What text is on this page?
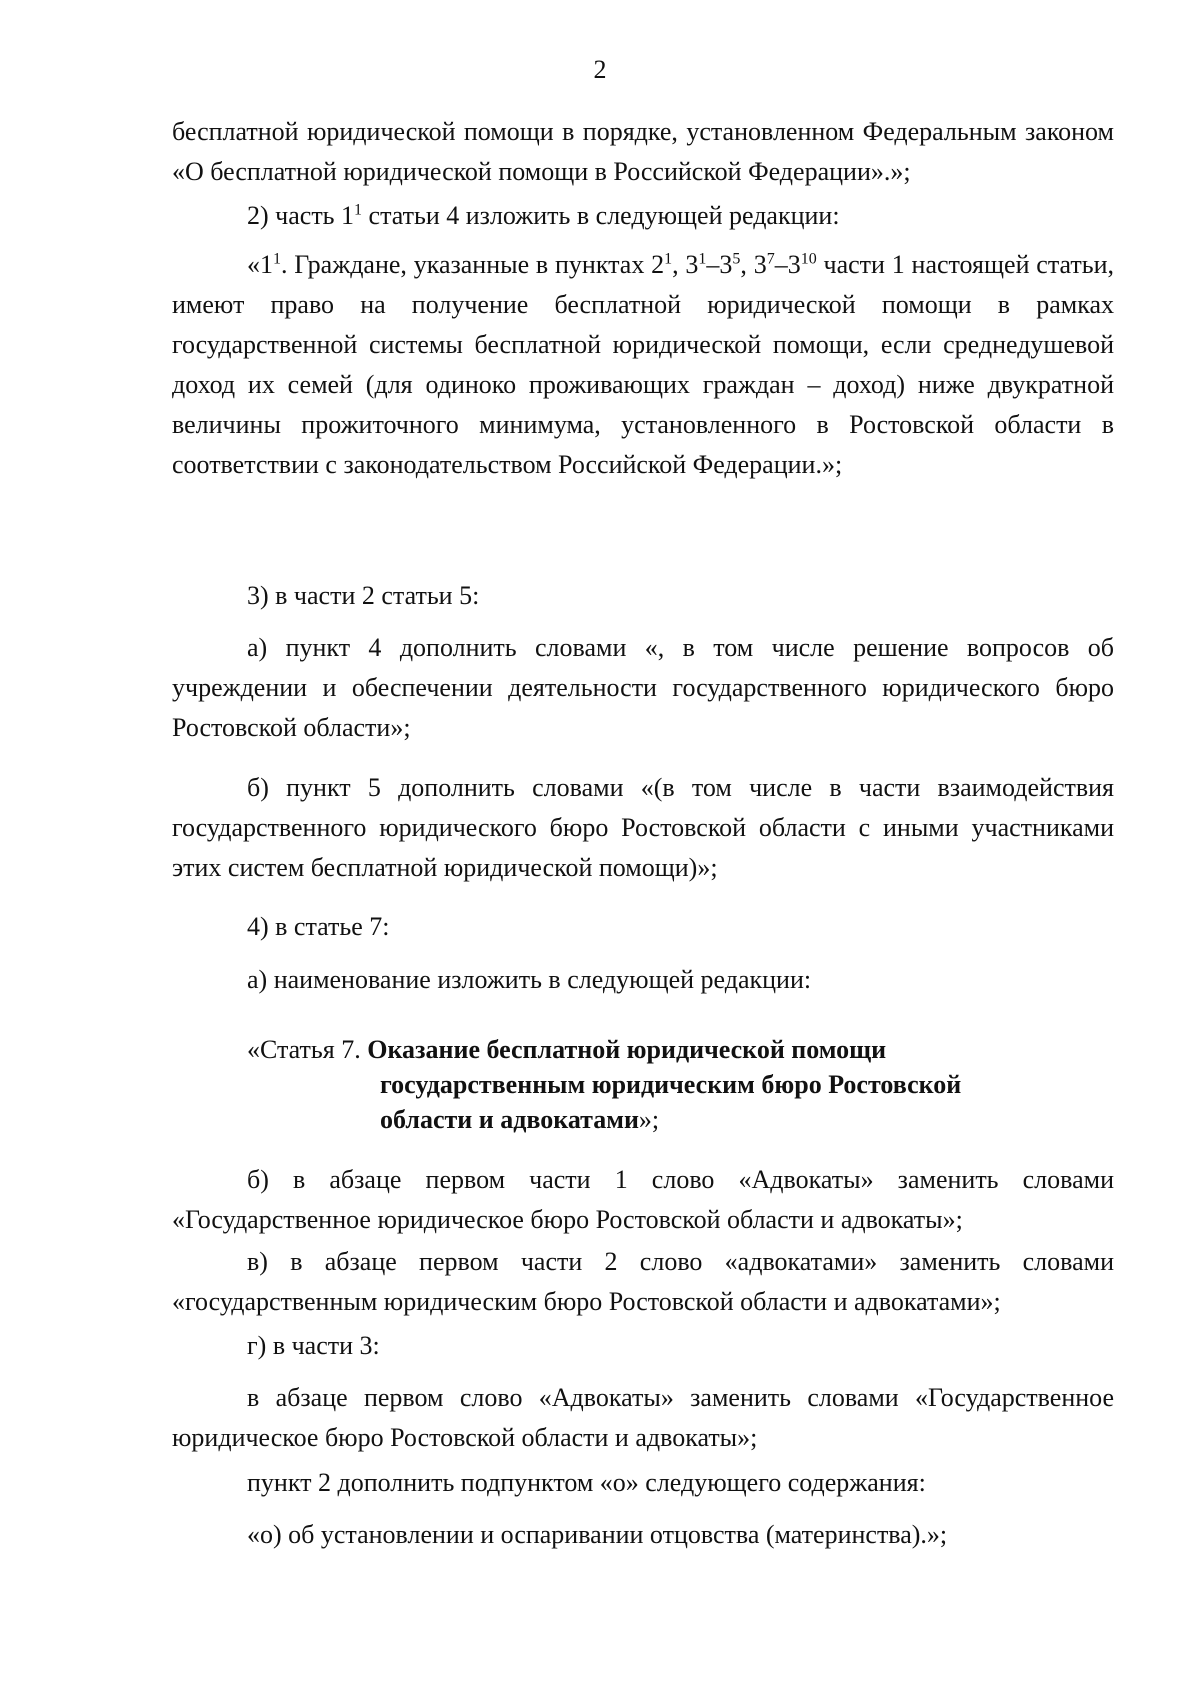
2
бесплатной юридической помощи в порядке, установленном Федеральным законом «О бесплатной юридической помощи в Российской Федерации».»;
2) часть $1^1$ статьи 4 изложить в следующей редакции:
«$1^1$. Граждане, указанные в пунктах $2^1$, $3^1-3^5$, $3^7-3^{10}$ части 1 настоящей статьи, имеют право на получение бесплатной юридической помощи в рамках государственной системы бесплатной юридической помощи, если среднедушевой доход их семей (для одиноко проживающих граждан – доход) ниже двукратной величины прожиточного минимума, установленного в Ростовской области в соответствии с законодательством Российской Федерации.»;
3) в части 2 статьи 5:
а) пункт 4 дополнить словами «, в том числе решение вопросов об учреждении и обеспечении деятельности государственного юридического бюро Ростовской области»;
б) пункт 5 дополнить словами «(в том числе в части взаимодействия государственного юридического бюро Ростовской области с иными участниками этих систем бесплатной юридической помощи)»;
4) в статье 7:
а) наименование изложить в следующей редакции:
«Статья 7. Оказание бесплатной юридической помощи
государственным юридическим бюро Ростовской
области и адвокатами»;
б) в абзаце первом части 1 слово «Адвокаты» заменить словами «Государственное юридическое бюро Ростовской области и адвокаты»;
в) в абзаце первом части 2 слово «адвокатами» заменить словами «государственным юридическим бюро Ростовской области и адвокатами»;
г) в части 3:
в абзаце первом слово «Адвокаты» заменить словами «Государственное юридическое бюро Ростовской области и адвокаты»;
пункт 2 дополнить подпунктом «о» следующего содержания:
«о) об установлении и оспаривании отцовства (материнства).»;
